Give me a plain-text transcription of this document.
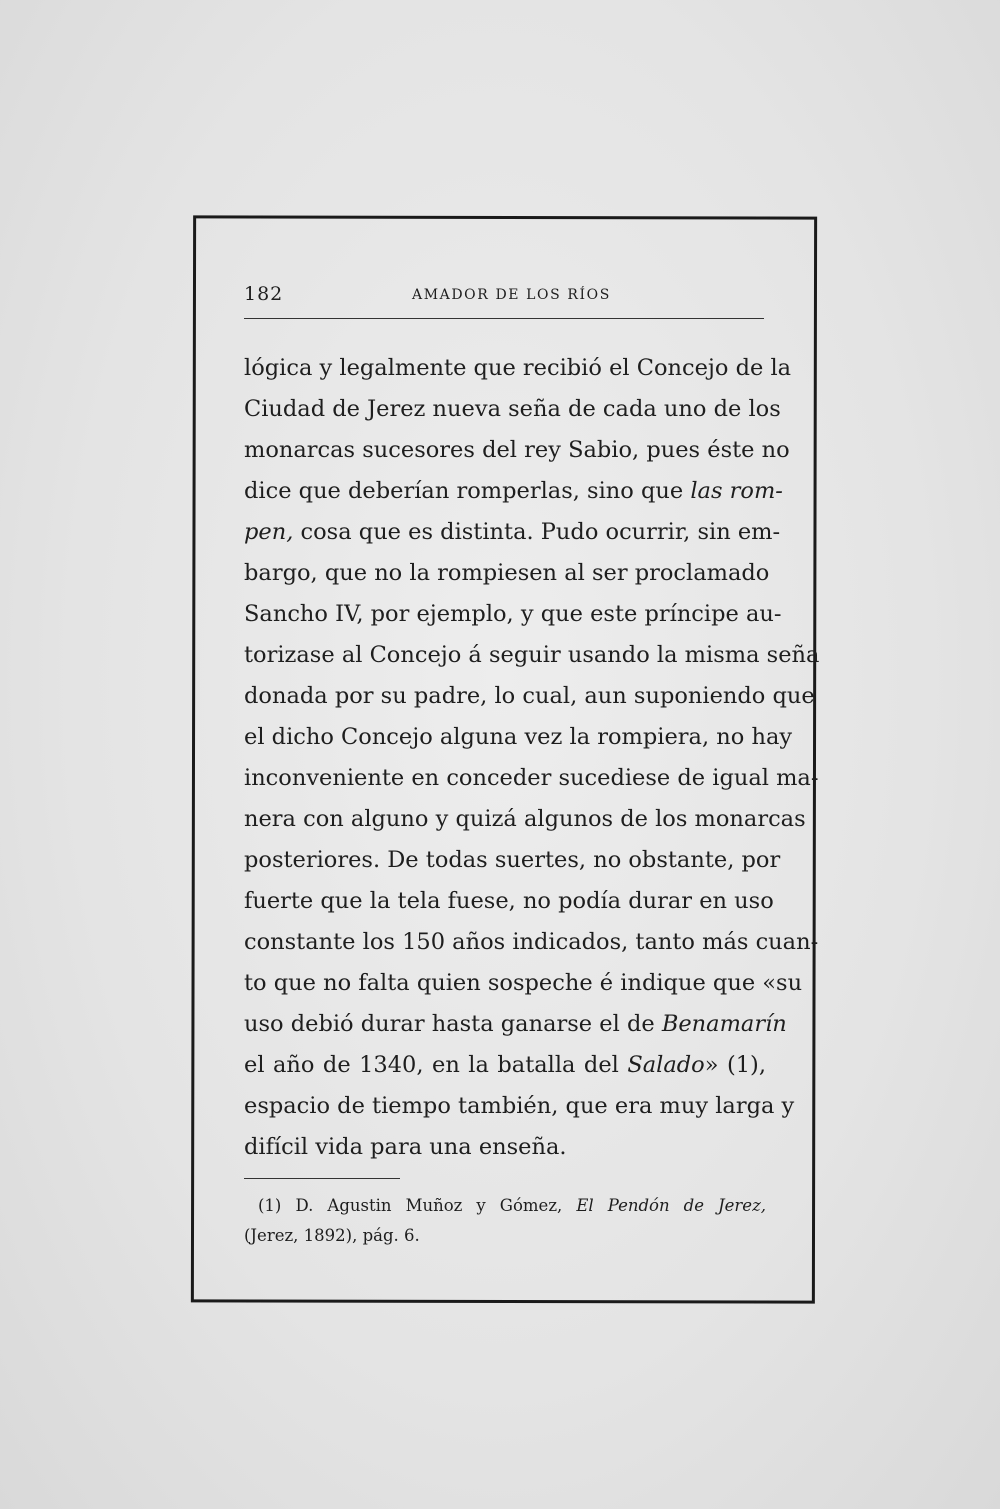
182	AMADOR DE LOS RÍOS
lógica y legalmente que recibió el Concejo de la
Ciudad de Jerez nueva seña de cada uno de los
monarcas sucesores del rey Sabio, pues éste no
dice que deberían romperlas, sino que las rom-
pen, cosa que es distinta. Pudo ocurrir, sin em-
bargo, que no la rompiesen al ser proclamado
Sancho IV, por ejemplo, y que este príncipe au-
torizase al Concejo á seguir usando la misma seña
donada por su padre, lo cual, aun suponiendo que
el dicho Concejo alguna vez la rompiera, no hay
inconveniente en conceder sucediese de igual ma-
nera con alguno y quizá algunos de los monarcas
posteriores. De todas suertes, no obstante, por
fuerte que la tela fuese, no podía durar en uso
constante los 150 años indicados, tanto más cuan-
to que no falta quien sospeche é indique que «su
uso debió durar hasta ganarse el de Benamarín
el año de 1340, en la batalla del Salado» (1),
espacio de tiempo también, que era muy larga y
difícil vida para una enseña.
(1) D. Agustin Muñoz y Gómez, El Pendón de Jerez,
(Jerez, 1892), pág. 6.
